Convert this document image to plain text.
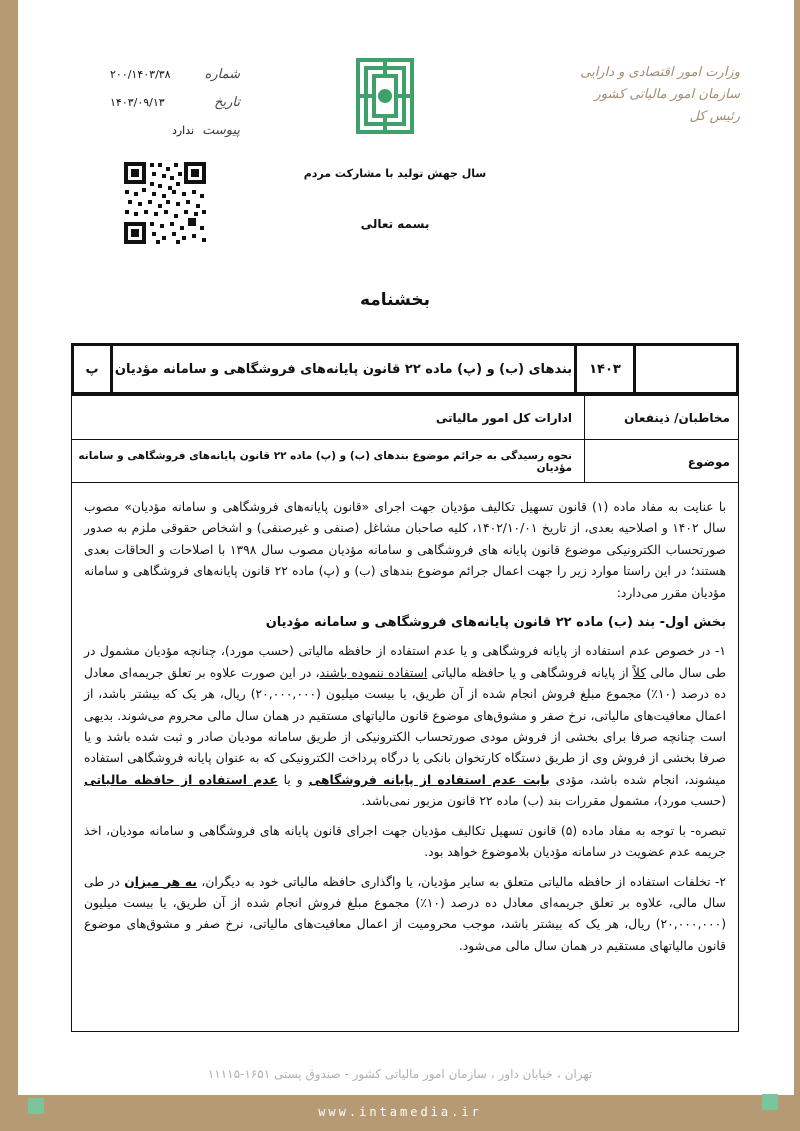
www.intamedia.ir
تهران ، خیابان داور ، سازمان امور مالیاتی کشور - صندوق پستی ۱۶۵۱-۱۱۱۱۵
شماره
۲۰۰/۱۴۰۳/۳۸
تاریخ
۱۴۰۳/۰۹/۱۳
پیوست
ندارد
وزارت امور اقتصادی و دارایی
سازمان امور مالیاتی کشور
رئیس کل
سال جهش تولید با مشارکت مردم
بسمه تعالی
بخشنامه
۱۴۰۳
بندهای (ب) و (پ) ماده ۲۲ قانون پایانه‌های فروشگاهی و سامانه مؤدیان
پ
مخاطبان/ ذینفعان
ادارات کل امور مالیاتی
موضوع
نحوه رسیدگی به جرائم موضوع بندهای (ب) و (پ) ماده ۲۲ قانون پایانه‌های فروشگاهی و سامانه مؤدیان

با عنایت به مفاد ماده (۱) قانون تسهیل تکالیف مؤدیان جهت اجرای «قانون پایانه‌های فروشگاهی و سامانه مؤدیان» مصوب سال ۱۴۰۲ و اصلاحیه بعدی، از تاریخ ۱۴۰۲/۱۰/۰۱، کلیه صاحبان مشاغل (صنفی و غیرصنفی) و اشخاص حقوقی ملزم به صدور صورتحساب الکترونیکی موضوع قانون پایانه های فروشگاهی و سامانه مؤدیان مصوب سال ۱۳۹۸ با اصلاحات و الحاقات بعدی هستند؛ در این راستا موارد زیر را جهت اعمال جرائم موضوع بندهای (ب) و (پ) ماده ۲۲ قانون پایانه‌های فروشگاهی و سامانه مؤدیان مقرر می‌دارد:

بخش اول- بند (ب) ماده ۲۲ قانون پایانه‌های فروشگاهی و سامانه مؤدیان

۱- در خصوص عدم استفاده از پایانه فروشگاهی و یا عدم استفاده از حافظه مالیاتی (حسب مورد)، چنانچه مؤدیان مشمول در طی سال مالی کلاً از پایانه فروشگاهی و یا حافظه مالیاتی استفاده ننموده باشند، در این صورت علاوه بر تعلق جریمه‌ای معادل ده درصد (۱۰٪) مجموع مبلغ فروش انجام شده از آن طریق، یا بیست میلیون (۲۰,۰۰۰,۰۰۰) ریال، هر یک که بیشتر باشد، از اعمال معافیت‌های مالیاتی، نرخ صفر و مشوق‌های موضوع قانون مالیاتهای مستقیم در همان سال مالی محروم می‌شوند. بدیهی است چنانچه صرفا برای بخشی از فروش مودی صورتحساب الکترونیکی از طریق سامانه مودیان صادر و ثبت شده باشد و یا صرفا بخشی از فروش وی از طریق دستگاه کارتخوان بانکی یا درگاه پرداخت الکترونیکی که به عنوان پایانه فروشگاهی استفاده میشوند، انجام شده باشد، مؤدی بابت عدم استفاده از پایانه فروشگاهی و یا عدم استفاده از حافظه مالیاتی (حسب مورد)، مشمول مقررات بند (ب) ماده ۲۲ قانون مزبور نمی‌باشد.

تبصره- با توجه به مفاد ماده (۵) قانون تسهیل تکالیف مؤدیان جهت اجرای قانون پایانه های فروشگاهی و سامانه مودیان، اخذ جریمه عدم عضویت در سامانه مؤدیان بلاموضوع خواهد بود.

۲- تخلفات استفاده از حافظه مالیاتی متعلق به سایر مؤدیان، یا واگذاری حافظه مالیاتی خود به دیگران، به هر میزان در طی سال مالی، علاوه بر تعلق جریمه‌ای معادل ده درصد (۱۰٪) مجموع مبلغ فروش انجام شده از آن طریق، یا بیست میلیون (۲۰,۰۰۰,۰۰۰) ریال، هر یک که بیشتر باشد، موجب محرومیت از اعمال معافیت‌های مالیاتی، نرخ صفر و مشوق‌های موضوع قانون مالیاتهای مستقیم در همان سال مالی می‌شود.
